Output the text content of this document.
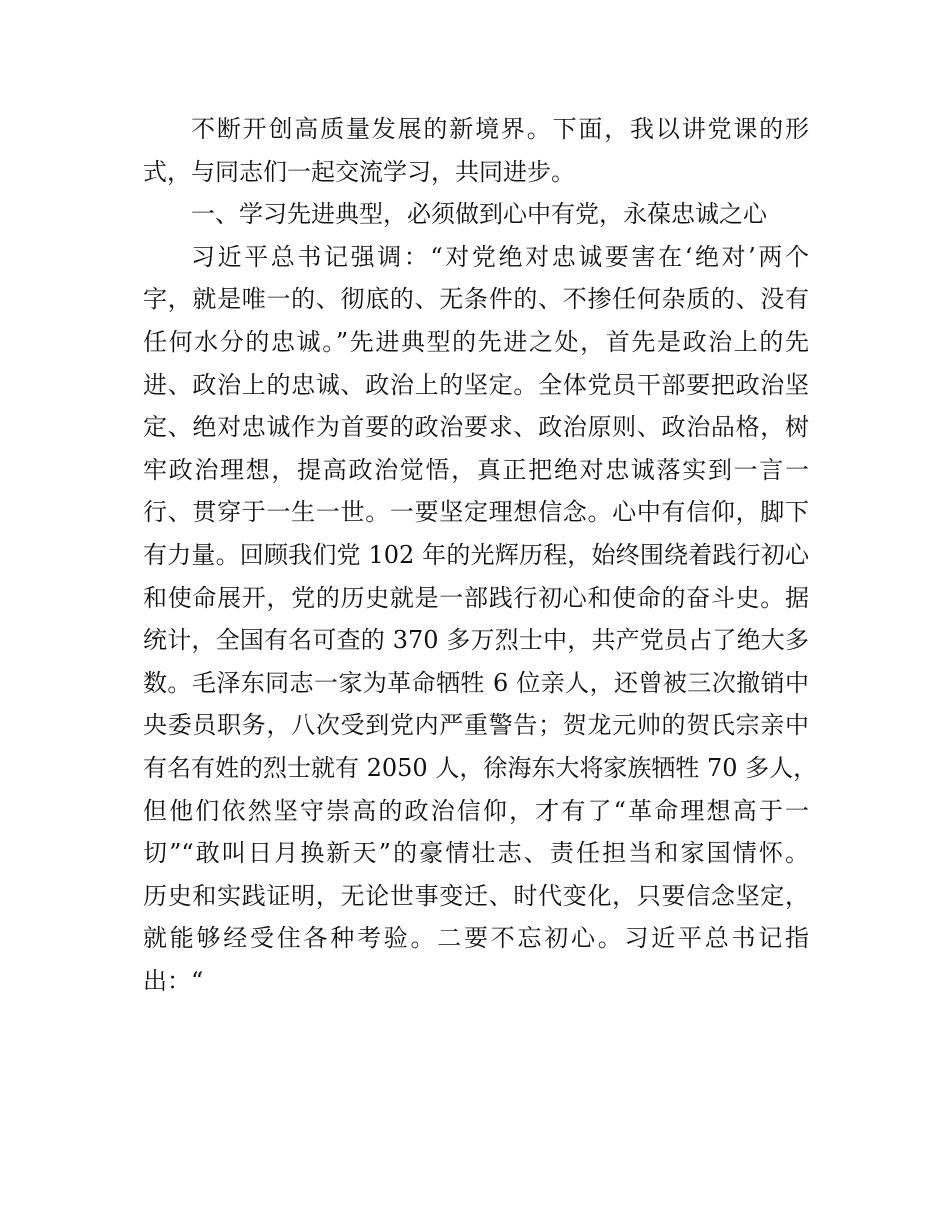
不断开创高质量发展的新境界。下面，我以讲党课的形
式，与同志们一起交流学习，共同进步。
一、学习先进典型，必须做到心中有党，永葆忠诚之心
习近平总书记强调：“对党绝对忠诚要害在‘绝对’两个
字，就是唯一的、彻底的、无条件的、不掺任何杂质的、没有
任何水分的忠诚。”先进典型的先进之处，首先是政治上的先
进、政治上的忠诚、政治上的坚定。全体党员干部要把政治坚
定、绝对忠诚作为首要的政治要求、政治原则、政治品格，树
牢政治理想，提高政治觉悟，真正把绝对忠诚落实到一言一
行、贯穿于一生一世。一要坚定理想信念。心中有信仰，脚下
有力量。回顾我们党 102 年的光辉历程，始终围绕着践行初心
和使命展开，党的历史就是一部践行初心和使命的奋斗史。据
统计，全国有名可查的 370 多万烈士中，共产党员占了绝大多
数。毛泽东同志一家为革命牺牲 6 位亲人，还曾被三次撤销中
央委员职务，八次受到党内严重警告；贺龙元帅的贺氏宗亲中
有名有姓的烈士就有 2050 人，徐海东大将家族牺牲 70 多人，
但他们依然坚守崇高的政治信仰，才有了“革命理想高于一
切”“敢叫日月换新天”的豪情壮志、责任担当和家国情怀。
历史和实践证明，无论世事变迁、时代变化，只要信念坚定，
就能够经受住各种考验。二要不忘初心。习近平总书记指
出：“
